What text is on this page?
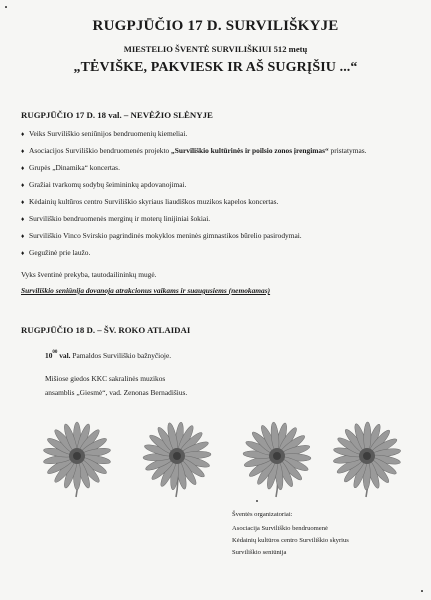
RUGPJŪČIO 17 D. SURVILIŠKYJE
MIESTELIO ŠVENTĖ SURVILIŠKIUI 512 metų
„TĖVIŠKE, PAKVIESK IR AŠ SUGRĮŠIU ...“
RUGPJŪČIO 17 D. 18 val. – NEVĖŽIO SLĖNYJE
♦ Veiks Surviliškio seniūnijos bendruomenių kiemeliai.
♦ Asociacijos Surviliškio bendruomenės projekto „Surviliškio kultūrinės ir poilsio zonos įrengimas“ pristatymas.
♦ Grupės „Dinamika“ koncertas.
♦ Gražiai tvarkomų sodybų šeimininkų apdovanojimai.
♦ Kėdainių kultūros centro Surviliškio skyriaus liaudiškos muzikos kapelos koncertas.
♦ Surviliškio bendruomenės merginų ir moterų linijiniai šokiai.
♦ Surviliškio Vinco Svirskio pagrindinės mokyklos meninės gimnastikos būrelio pasirodymai.
♦ Gegužinė prie laužo.
Vyks šventinė prekyba, tautodailininkų mugė.
Surviliškio seniūnija dovanoja atrakcionus vaikams ir suaugusiems (nemokamas)
RUGPJŪČIO 18 D. – ŠV. ROKO ATLAIDAI
$10^{00}$ val. Pamaldos Surviliškio bažnyčioje.
Mišiose giedos KKC sakralinės muzikos
ansamblis „Giesmė“, vad. Zenonas Bernadišius.
Šventės organizatoriai:
Asociacija Surviliškio bendruomenė
Kėdainių kultūros centro Surviliškio skyrius
Surviliškio seniūnija
